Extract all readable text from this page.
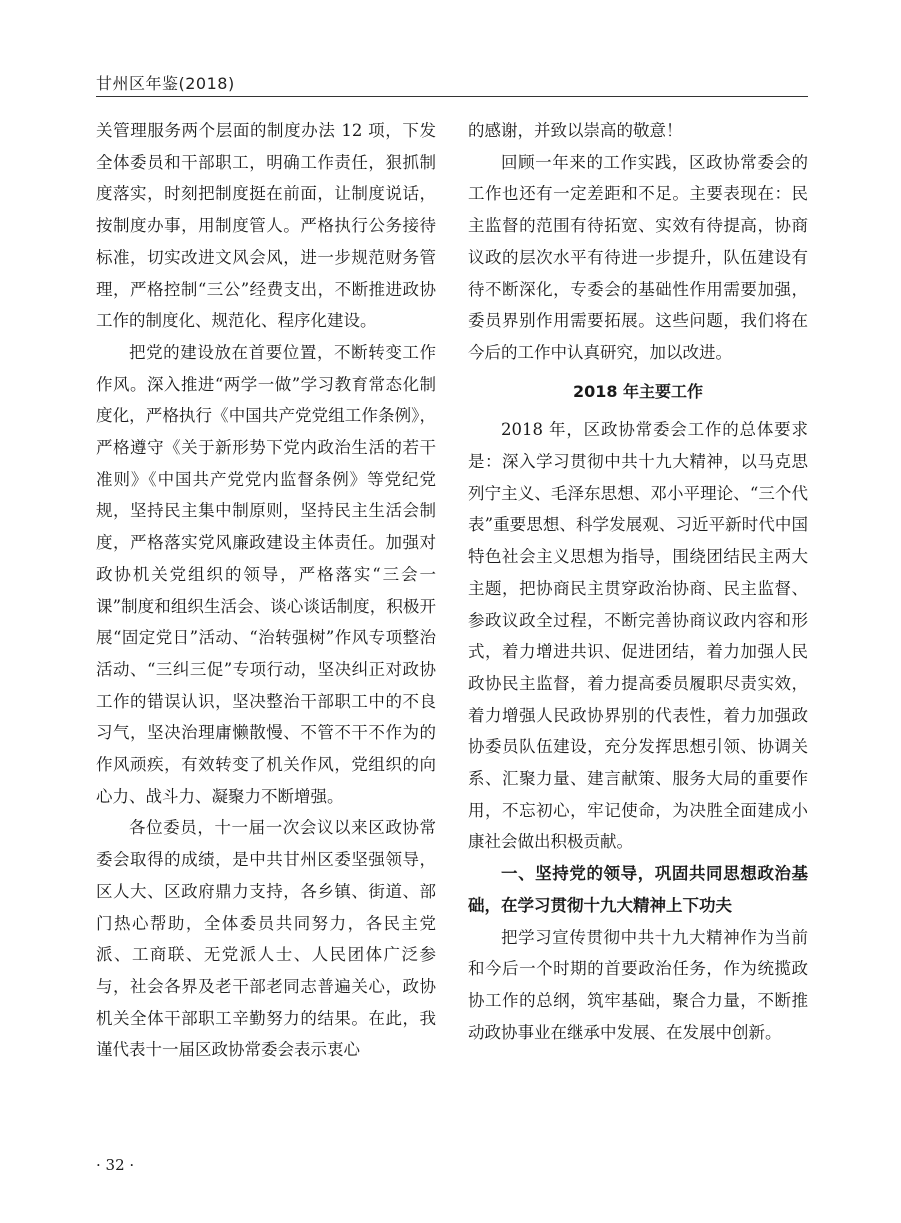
甘州区年鉴(2018)

关管理服务两个层面的制度办法 12 项，下发全体委员和干部职工，明确工作责任，狠抓制度落实，时刻把制度挺在前面，让制度说话，按制度办事，用制度管人。严格执行公务接待标准，切实改进文风会风，进一步规范财务管理，严格控制“三公”经费支出，不断推进政协工作的制度化、规范化、程序化建设。

把党的建设放在首要位置，不断转变工作作风。深入推进“两学一做”学习教育常态化制度化，严格执行《中国共产党党组工作条例》，严格遵守《关于新形势下党内政治生活的若干准则》《中国共产党党内监督条例》等党纪党规，坚持民主集中制原则，坚持民主生活会制度，严格落实党风廉政建设主体责任。加强对政协机关党组织的领导，严格落实“三会一课”制度和组织生活会、谈心谈话制度，积极开展“固定党日”活动、“治转强树”作风专项整治活动、“三纠三促”专项行动，坚决纠正对政协工作的错误认识，坚决整治干部职工中的不良习气，坚决治理庸懒散慢、不管不干不作为的作风顽疾，有效转变了机关作风，党组织的向心力、战斗力、凝聚力不断增强。

各位委员，十一届一次会议以来区政协常委会取得的成绩，是中共甘州区委坚强领导，区人大、区政府鼎力支持，各乡镇、街道、部门热心帮助，全体委员共同努力，各民主党派、工商联、无党派人士、人民团体广泛参与，社会各界及老干部老同志普遍关心，政协机关全体干部职工辛勤努力的结果。在此，我谨代表十一届区政协常委会表示衷心

的感谢，并致以崇高的敬意！

回顾一年来的工作实践，区政协常委会的工作也还有一定差距和不足。主要表现在：民主监督的范围有待拓宽、实效有待提高，协商议政的层次水平有待进一步提升，队伍建设有待不断深化，专委会的基础性作用需要加强，委员界别作用需要拓展。这些问题，我们将在今后的工作中认真研究，加以改进。

2018 年主要工作

2018 年，区政协常委会工作的总体要求是：深入学习贯彻中共十九大精神，以马克思列宁主义、毛泽东思想、邓小平理论、“三个代表”重要思想、科学发展观、习近平新时代中国特色社会主义思想为指导，围绕团结民主两大主题，把协商民主贯穿政治协商、民主监督、参政议政全过程，不断完善协商议政内容和形式，着力增进共识、促进团结，着力加强人民政协民主监督，着力提高委员履职尽责实效，着力增强人民政协界别的代表性，着力加强政协委员队伍建设，充分发挥思想引领、协调关系、汇聚力量、建言献策、服务大局的重要作用，不忘初心，牢记使命，为决胜全面建成小康社会做出积极贡献。

一、坚持党的领导，巩固共同思想政治基础，在学习贯彻十九大精神上下功夫

把学习宣传贯彻中共十九大精神作为当前和今后一个时期的首要政治任务，作为统揽政协工作的总纲，筑牢基础，聚合力量，不断推动政协事业在继承中发展、在发展中创新。

· 32 ·
